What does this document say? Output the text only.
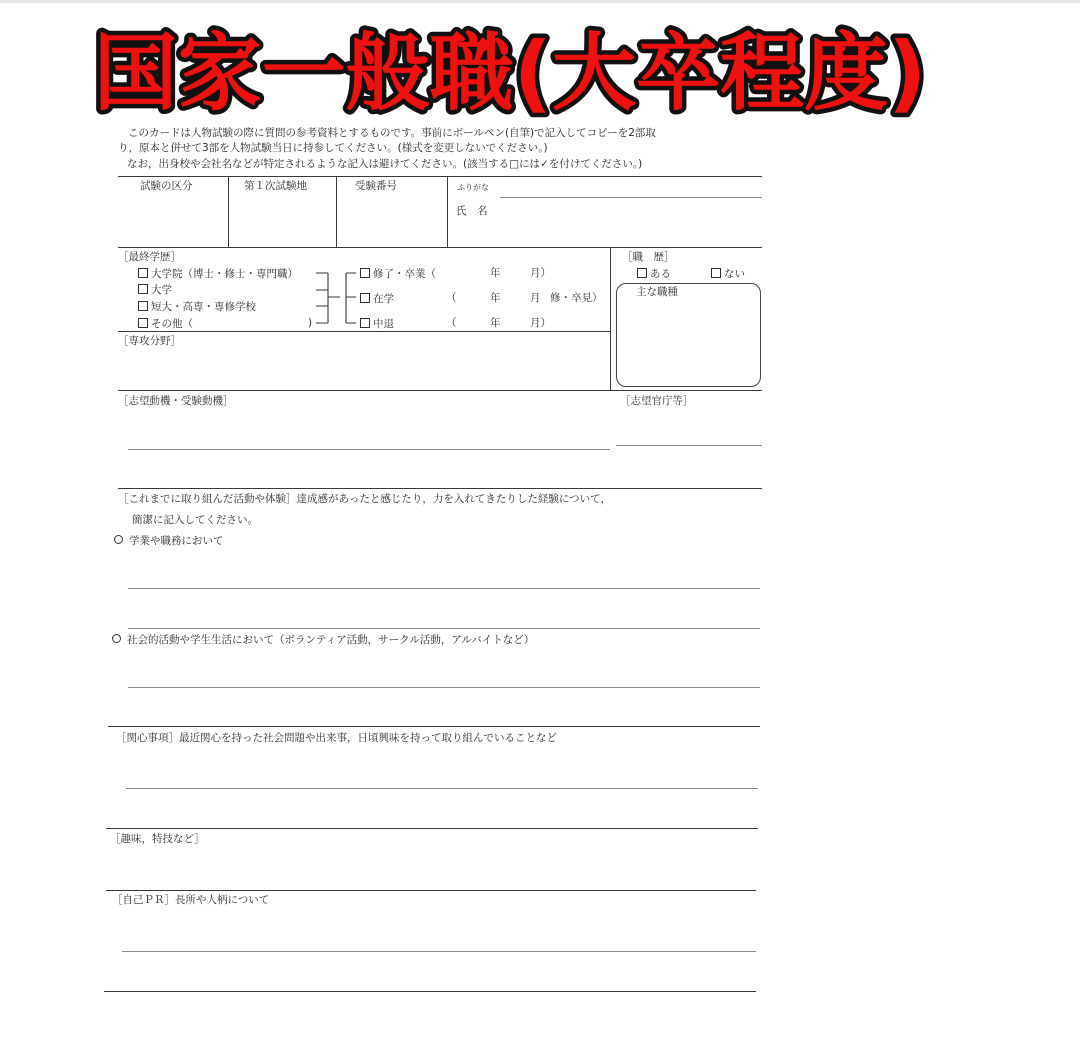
国家一般職(大卒程度)
このカードは人物試験の際に質問の参考資料とするものです。事前にボールペン(自筆)で記入してコピーを2部取
り，原本と併せて3部を人物試験当日に持参してください。(様式を変更しないでください。)
なお，出身校や会社名などが特定されるような記入は避けてください。(該当する□には✓を付けてください。)
試験の区分	第１次試験地	受験番号	ふりがな
氏　名
［最終学歴］
大学院（博士・修士・専門職）
大学
短大・高専・専修学校
その他（	)
修了・卒業（	年	月）
在学	（	年	月 修・卒見）
中退	（	年	月）
［職　歴］
ある	ない
主な職種
［専攻分野］
［志望動機・受験動機］	［志望官庁等］
［これまでに取り組んだ活動や体験］達成感があったと感じたり，力を入れてきたりした経験について，
簡潔に記入してください。
学業や職務において
社会的活動や学生生活において（ボランティア活動，サークル活動，アルバイトなど）
［関心事項］最近関心を持った社会問題や出来事，日頃興味を持って取り組んでいることなど
［趣味，特技など］
［自己ＰＲ］長所や人柄について
